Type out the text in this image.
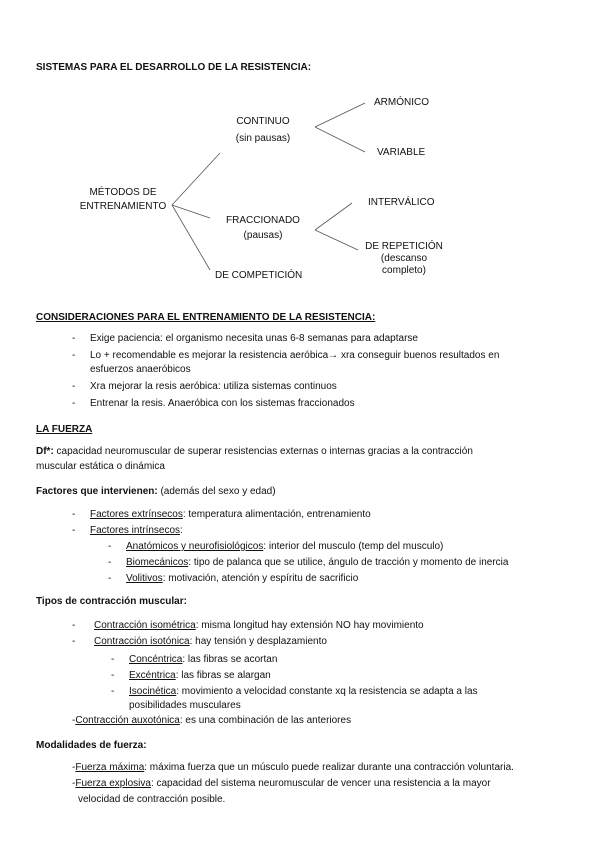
SISTEMAS PARA EL DESARROLLO DE LA RESISTENCIA:
MÉTODOS DE
ENTRENAMIENTO
CONTINUO
(sin pausas)
ARMÓNICO
VARIABLE
FRACCIONADO
(pausas)
INTERVÁLICO
DE REPETICIÓN
(descanso
completo)
DE COMPETICIÓN
CONSIDERACIONES PARA EL ENTRENAMIENTO DE LA RESISTENCIA:
- Exige paciencia: el organismo necesita unas 6-8 semanas para adaptarse
- Lo + recomendable es mejorar la resistencia aeróbica→ xra conseguir buenos resultados en
esfuerzos anaeróbicos
- Xra mejorar la resis aeróbica: utiliza sistemas continuos
- Entrenar la resis. Anaeróbica con los sistemas fraccionados
LA FUERZA
Df*: capacidad neuromuscular de superar resistencias externas o internas gracias a la contracción
muscular estática o dinámica
Factores que intervienen: (además del sexo y edad)
- Factores extrínsecos: temperatura alimentación, entrenamiento
- Factores intrínsecos:
- Anatómicos y neurofisiológicos: interior del musculo (temp del musculo)
- Biomecánicos: tipo de palanca que se utilice, ángulo de tracción y momento de inercia
- Volitivos: motivación, atención y espíritu de sacrificio
Tipos de contracción muscular:
- Contracción isométrica: misma longitud hay extensión NO hay movimiento
- Contracción isotónica: hay tensión y desplazamiento
- Concéntrica: las fibras se acortan
- Excéntrica: las fibras se alargan
- Isocinética: movimiento a velocidad constante xq la resistencia se adapta a las
posibilidades musculares
-Contracción auxotónica: es una combinación de las anteriores
Modalidades de fuerza:
-Fuerza máxima: máxima fuerza que un músculo puede realizar durante una contracción voluntaria.
-Fuerza explosiva: capacidad del sistema neuromuscular de vencer una resistencia a la mayor
velocidad de contracción posible.
